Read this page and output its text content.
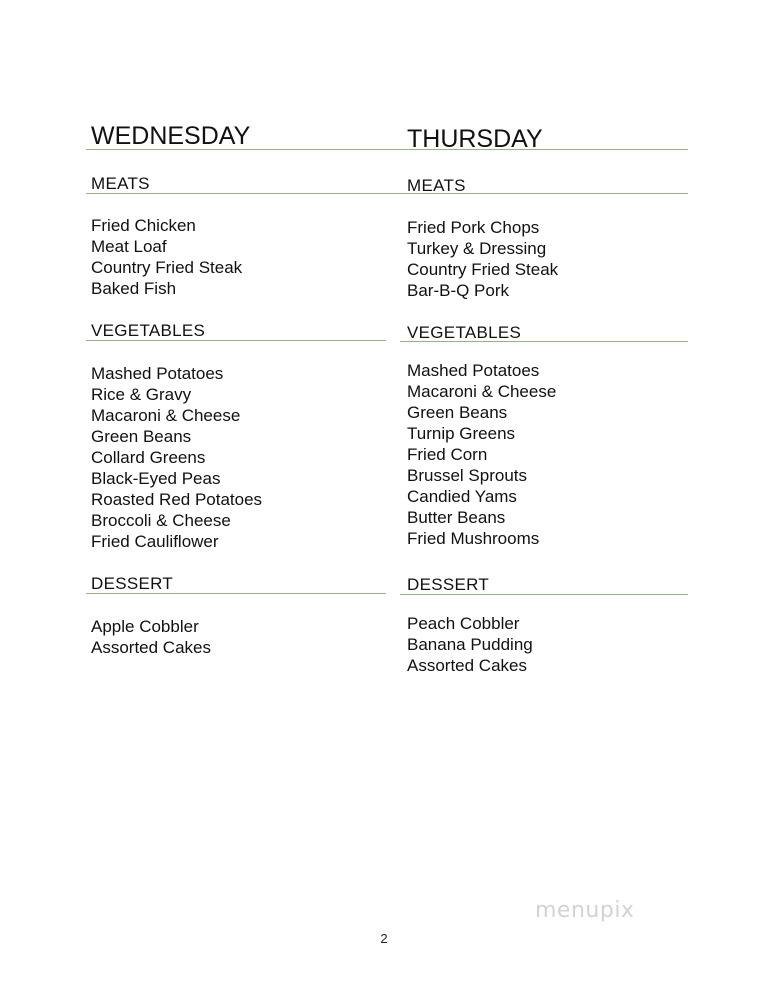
WEDNESDAY
MEATS
Fried Chicken
Meat Loaf
Country Fried Steak
Baked Fish
VEGETABLES
Mashed Potatoes
Rice & Gravy
Macaroni & Cheese
Green Beans
Collard Greens
Black-Eyed Peas
Roasted Red Potatoes
Broccoli & Cheese
Fried Cauliflower
DESSERT
Apple Cobbler
Assorted Cakes
THURSDAY
MEATS
Fried Pork Chops
Turkey & Dressing
Country Fried Steak
Bar-B-Q Pork
VEGETABLES
Mashed Potatoes
Macaroni & Cheese
Green Beans
Turnip Greens
Fried Corn
Brussel Sprouts
Candied Yams
Butter Beans
Fried Mushrooms
DESSERT
Peach Cobbler
Banana Pudding
Assorted Cakes
menupix
2
